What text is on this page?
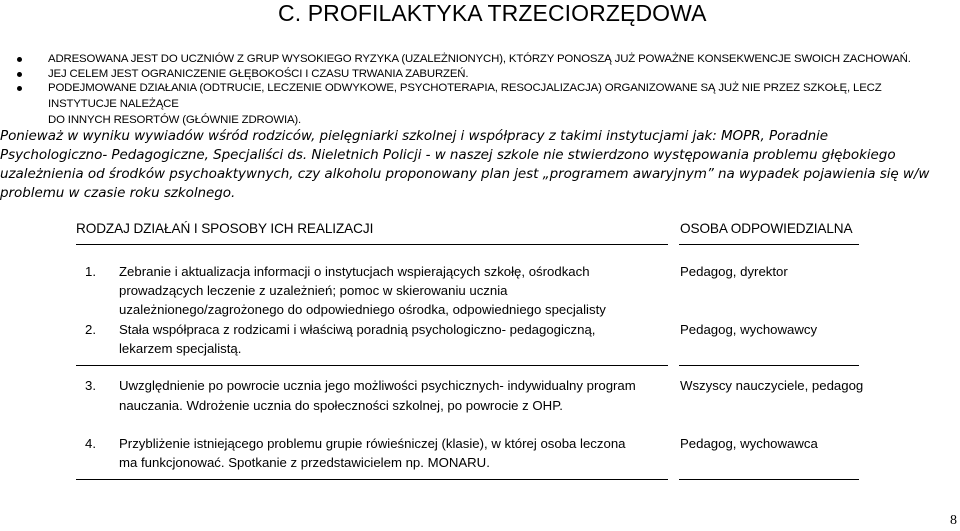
C. PROFILAKTYKA TRZECIORZĘDOWA
ADRESOWANA JEST DO UCZNIÓW Z GRUP WYSOKIEGO RYZYKA (UZALEŻNIONYCH), KTÓRZY PONOSZĄ JUŻ POWAŻNE KONSEKWENCJE SWOICH ZACHOWAŃ.
JEJ CELEM JEST OGRANICZENIE GŁĘBOKOŚCI I CZASU TRWANIA ZABURZEŃ.
PODEJMOWANE DZIAŁANIA (ODTRUCIE, LECZENIE ODWYKOWE, PSYCHOTERAPIA, RESOCJALIZACJA) ORGANIZOWANE SĄ JUŻ NIE PRZEZ SZKOŁĘ, LECZ INSTYTUCJE NALEŻĄCE
DO INNYCH RESORTÓW (GŁÓWNIE ZDROWIA).
Ponieważ w wyniku wywiadów wśród rodziców, pielęgniarki szkolnej i współpracy z takimi instytucjami jak: MOPR, Poradnie
Psychologiczno- Pedagogiczne, Specjaliści ds. Nieletnich Policji - w naszej szkole nie stwierdzono występowania problemu głębokiego
uzależnienia od środków psychoaktywnych, czy alkoholu proponowany plan jest „programem awaryjnym” na wypadek pojawienia się w/w
problemu w czasie roku szkolnego.
RODZAJ DZIAŁAŃ I SPOSOBY ICH REALIZACJI	OSOBA ODPOWIEDZIALNA
1. Zebranie i aktualizacja informacji o instytucjach wspierających szkołę, ośrodkach
prowadzących leczenie z uzależnień; pomoc w skierowaniu ucznia
uzależnionego/zagrożonego do odpowiedniego ośrodka, odpowiedniego specjalisty
Pedagog, dyrektor
2. Stała współpraca z rodzicami i właściwą poradnią psychologiczno- pedagogiczną,
lekarzem specjalistą.
Pedagog, wychowawcy
3. Uwzględnienie po powrocie ucznia jego możliwości psychicznych- indywidualny program
nauczania. Wdrożenie ucznia do społeczności szkolnej, po powrocie z OHP.
Wszyscy nauczyciele, pedagog
4. Przybliżenie istniejącego problemu grupie rówieśniczej (klasie), w której osoba leczona
ma funkcjonować. Spotkanie z przedstawicielem np. MONARU.
Pedagog, wychowawca
8
